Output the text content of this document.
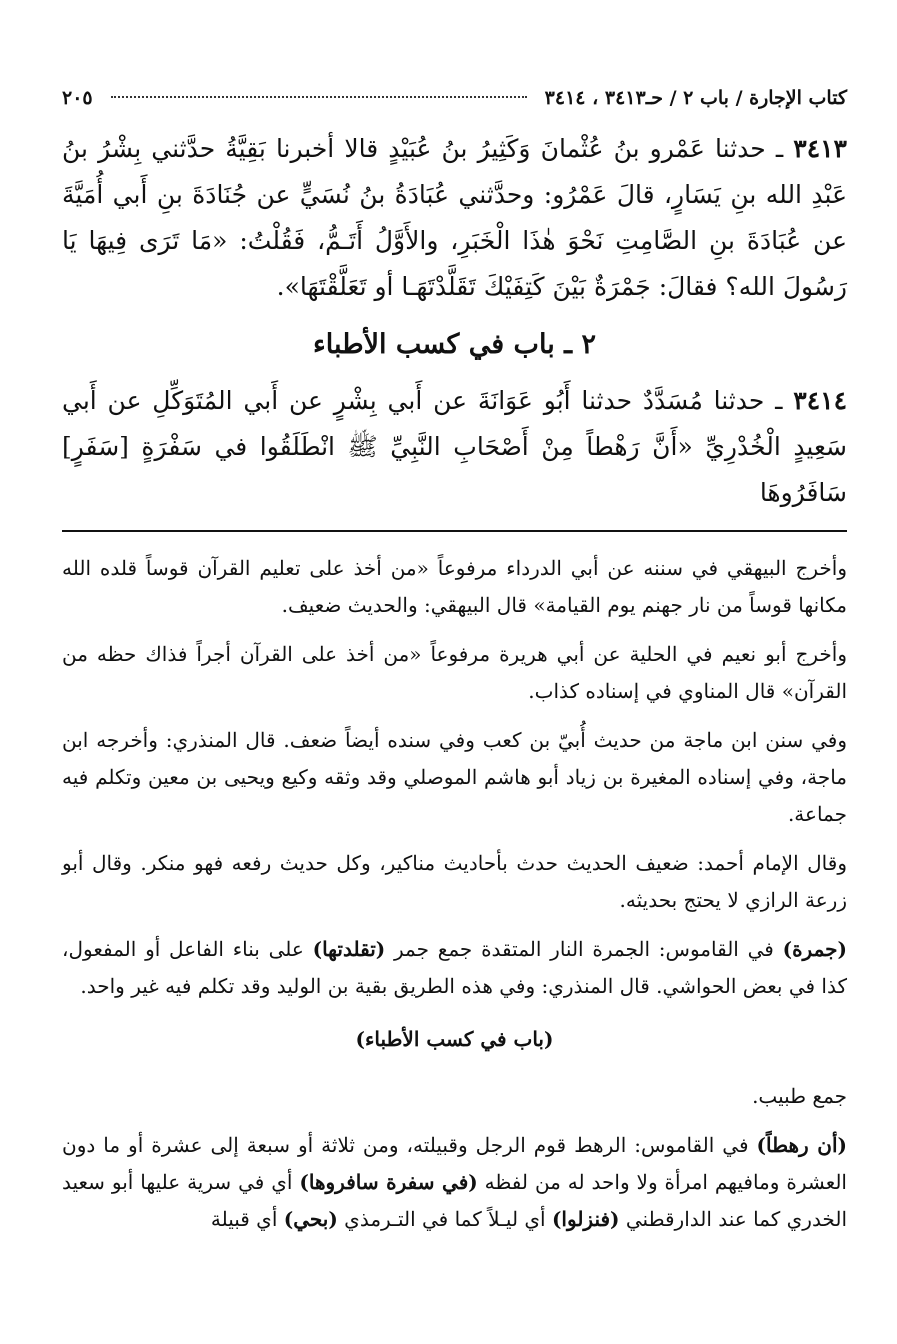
كتاب الإجارة / باب ٢ / حـ٣٤١٣ ، ٣٤١٤
٢٠٥

٣٤١٣ ـ حدثنا عَمْرو بنُ عُثْمانَ وَكَثِيرُ بنُ عُبَيْدٍ قالا أخبرنا بَقِيَّةُ حدَّثني بِشْرُ بنُ عَبْدِ الله بنِ يَسَارٍ، قالَ عَمْرُو: وحدَّثني عُبَادَةُ بنُ نُسَيٍّ عن جُنَادَةَ بنِ أَبي أُمَيَّةَ عن عُبَادَةَ بنِ الصَّامِتِ نَحْوَ هٰذَا الْخَبَرِ، والأَوَّلُ أَتَـمُّ، فَقُلْتُ: «مَا تَرَى فِيهَا يَا رَسُولَ الله؟ فقالَ: جَمْرَةٌ بَيْنَ كَتِفَيْكَ تَقَلَّدْتَهَـا أو تَعَلَّقْتَهَا».

٢ ـ باب في كسب الأطباء

٣٤١٤ ـ حدثنا مُسَدَّدٌ حدثنا أَبُو عَوَانَةَ عن أَبي بِشْرٍ عن أَبي المُتَوَكِّلِ عن أَبي سَعِيدٍ الْخُدْرِيِّ «أَنَّ رَهْطاً مِنْ أَصْحَابِ النَّبِيِّ ﷺ انْطَلَقُوا في سَفْرَةٍ [سَفَرٍ] سَافَرُوهَا

وأخرج البيهقي في سننه عن أبي الدرداء مرفوعاً «من أخذ على تعليم القرآن قوساً قلده الله مكانها قوساً من نار جهنم يوم القيامة» قال البيهقي: والحديث ضعيف.

وأخرج أبو نعيم في الحلية عن أبي هريرة مرفوعاً «من أخذ على القرآن أجراً فذاك حظه من القرآن» قال المناوي في إسناده كذاب.

وفي سنن ابن ماجة من حديث أُبيّ بن كعب وفي سنده أيضاً ضعف. قال المنذري: وأخرجه ابن ماجة، وفي إسناده المغيرة بن زياد أبو هاشم الموصلي وقد وثقه وكيع ويحيى بن معين وتكلم فيه جماعة.

وقال الإمام أحمد: ضعيف الحديث حدث بأحاديث مناكير، وكل حديث رفعه فهو منكر. وقال أبو زرعة الرازي لا يحتج بحديثه.

(جمرة) في القاموس: الجمرة النار المتقدة جمع جمر (تقلدتها) على بناء الفاعل أو المفعول، كذا في بعض الحواشي. قال المنذري: وفي هذه الطريق بقية بن الوليد وقد تكلم فيه غير واحد.

(باب في كسب الأطباء)

جمع طبيب.

(أن رهطاً) في القاموس: الرهط قوم الرجل وقبيلته، ومن ثلاثة أو سبعة إلى عشرة أو ما دون العشرة ومافيهم امرأة ولا واحد له من لفظه (في سفرة سافروها) أي في سرية عليها أبو سعيد الخدري كما عند الدارقطني (فنزلوا) أي ليـلاً كما في التـرمذي (بحي) أي قبيلة
